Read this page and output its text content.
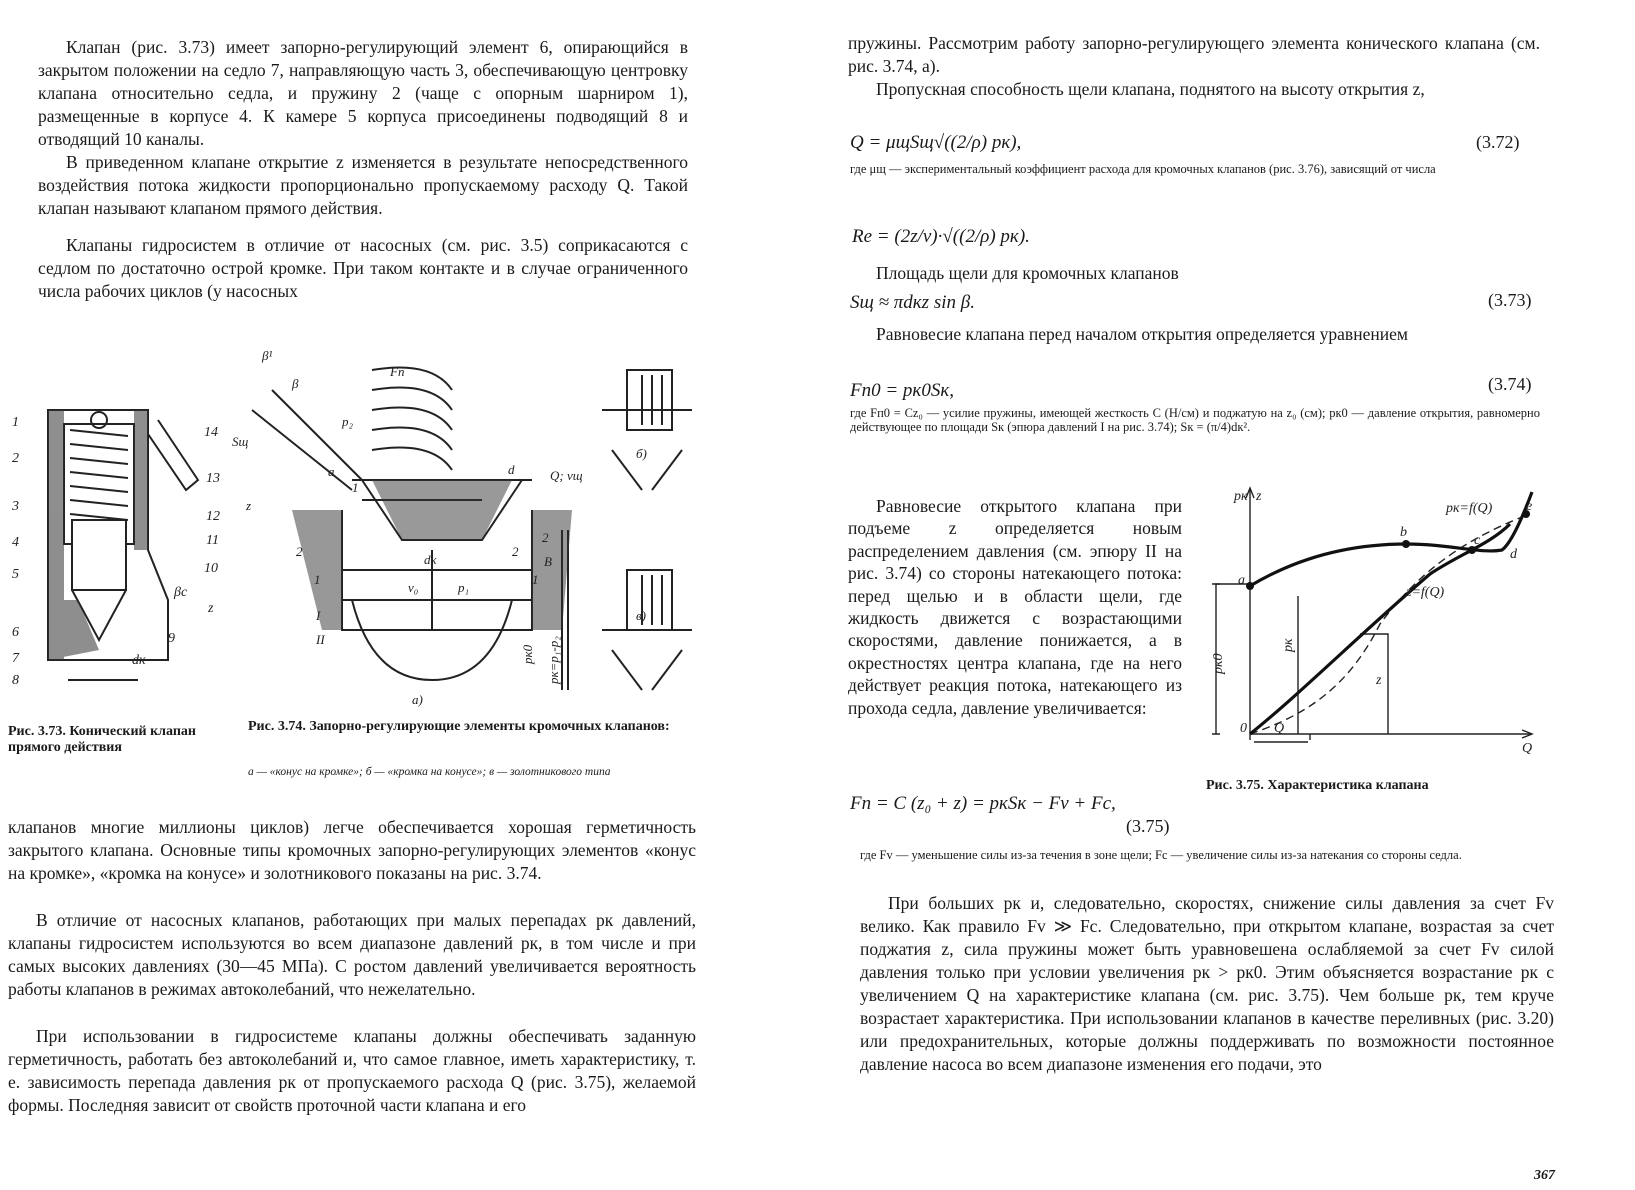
Клапан (рис. 3.73) имеет запорно-регулирующий элемент 6, опирающийся в закрытом положении на седло 7, направляющую часть 3, обеспечивающую центровку клапана относительно седла, и пружину 2 (чаще с опорным шарниром 1), размещенные в корпусе 4. К камере 5 корпуса присоединены подводящий 8 и отводящий 10 каналы.

В приведенном клапане открытие z изменяется в результате непосредственного воздействия потока жидкости пропорционально пропускаемому расходу Q. Такой клапан называют клапаном прямого действия.

Клапаны гидросистем в отличие от насосных (см. рис. 3.5) соприкасаются с седлом по достаточно острой кромке. При таком контакте и в случае ограниченного числа рабочих циклов (у насосных

1
2
3
4
5
6
7
8
9
10
11
12
13
14
βc
z
dк
β¹
β
Sщ
Fп
p₂
a
1
2
d	Q; vщ
z
2
1
dк
2
B
1
v₀	p₁
I
II
pк0 pк=p₁-p₂
а)
б)
в)

Рис. 3.73. Конический клапан прямого действия

Рис. 3.74. Запорно-регулирующие элементы кромочных клапанов:

а — «конус на кромке»; б — «кромка на конусе»; в — золотникового типа

клапанов многие миллионы циклов) легче обеспечивается хорошая герметичность закрытого клапана. Основные типы кромочных запорно-регулирующих элементов «конус на кромке», «кромка на конусе» и золотникового показаны на рис. 3.74.

В отличие от насосных клапанов, работающих при малых перепадах pк давлений, клапаны гидросистем используются во всем диапазоне давлений pк, в том числе и при самых высоких давлениях (30—45 МПа). С ростом давлений увеличивается вероятность работы клапанов в режимах автоколебаний, что нежелательно.

При использовании в гидросистеме клапаны должны обеспечивать заданную герметичность, работать без автоколебаний и, что самое главное, иметь характеристику, т. е. зависимость перепада давления pк от пропускаемого расхода Q (рис. 3.75), желаемой формы. Последняя зависит от свойств проточной части клапана и его

пружины. Рассмотрим работу запорно-регулирующего элемента конического клапана (см. рис. 3.74, а).

Пропускная способность щели клапана, поднятого на высоту открытия z,

Q = μщSщ√((2/ρ) pк),	(3.72)

где μщ — экспериментальный коэффициент расхода для кромочных клапанов (рис. 3.76), зависящий от числа

Re = (2z/ν)·√((2/ρ) pк).

Площадь щели для кромочных клапанов

Sщ ≈ πdкz sin β.	(3.73)

Равновесие клапана перед началом открытия определяется уравнением

Fп0 = pк0Sк,	(3.74)

где Fп0 = Cz₀ — усилие пружины, имеющей жесткость C (Н/см) и поджатую на z₀ (см); pк0 — давление открытия, равномерно действующее по площади Sк (эпюра давлений I на рис. 3.74); Sк = (π/4)dк².

Равновесие открытого клапана при подъеме z определяется новым распределением давления (см. эпюру II на рис. 3.74) со стороны натекающего потока: перед щелью и в области щели, где жидкость движется с возрастающими скоростями, давление понижается, а в окрестностях центра клапана, где на него действует реакция потока, натекающего из прохода седла, давление увеличивается:

Fп = C (z₀ + z) = pкSк − Fv + Fc,
(3.75)
pк z
pк=f(Q)
b
c
e
a
d
z=f(Q)
pк0
pк
z
0 Q
Q

Рис. 3.75. Характеристика клапана

где Fv — уменьшение силы из-за течения в зоне щели; Fc — увеличение силы из-за натекания со стороны седла.

При больших pк и, следовательно, скоростях, снижение силы давления за счет Fv велико. Как правило Fv ≫ Fc. Следовательно, при открытом клапане, возрастая за счет поджатия z, сила пружины может быть уравновешена ослабляемой за счет Fv силой давления только при условии увеличения pк > pк0. Этим объясняется возрастание pк с увеличением Q на характеристике клапана (см. рис. 3.75). Чем больше pк, тем круче возрастает характеристика. При использовании клапанов в качестве переливных (рис. 3.20) или предохранительных, которые должны поддерживать по возможности постоянное давление насоса во всем диапазоне изменения его подачи, это

367
